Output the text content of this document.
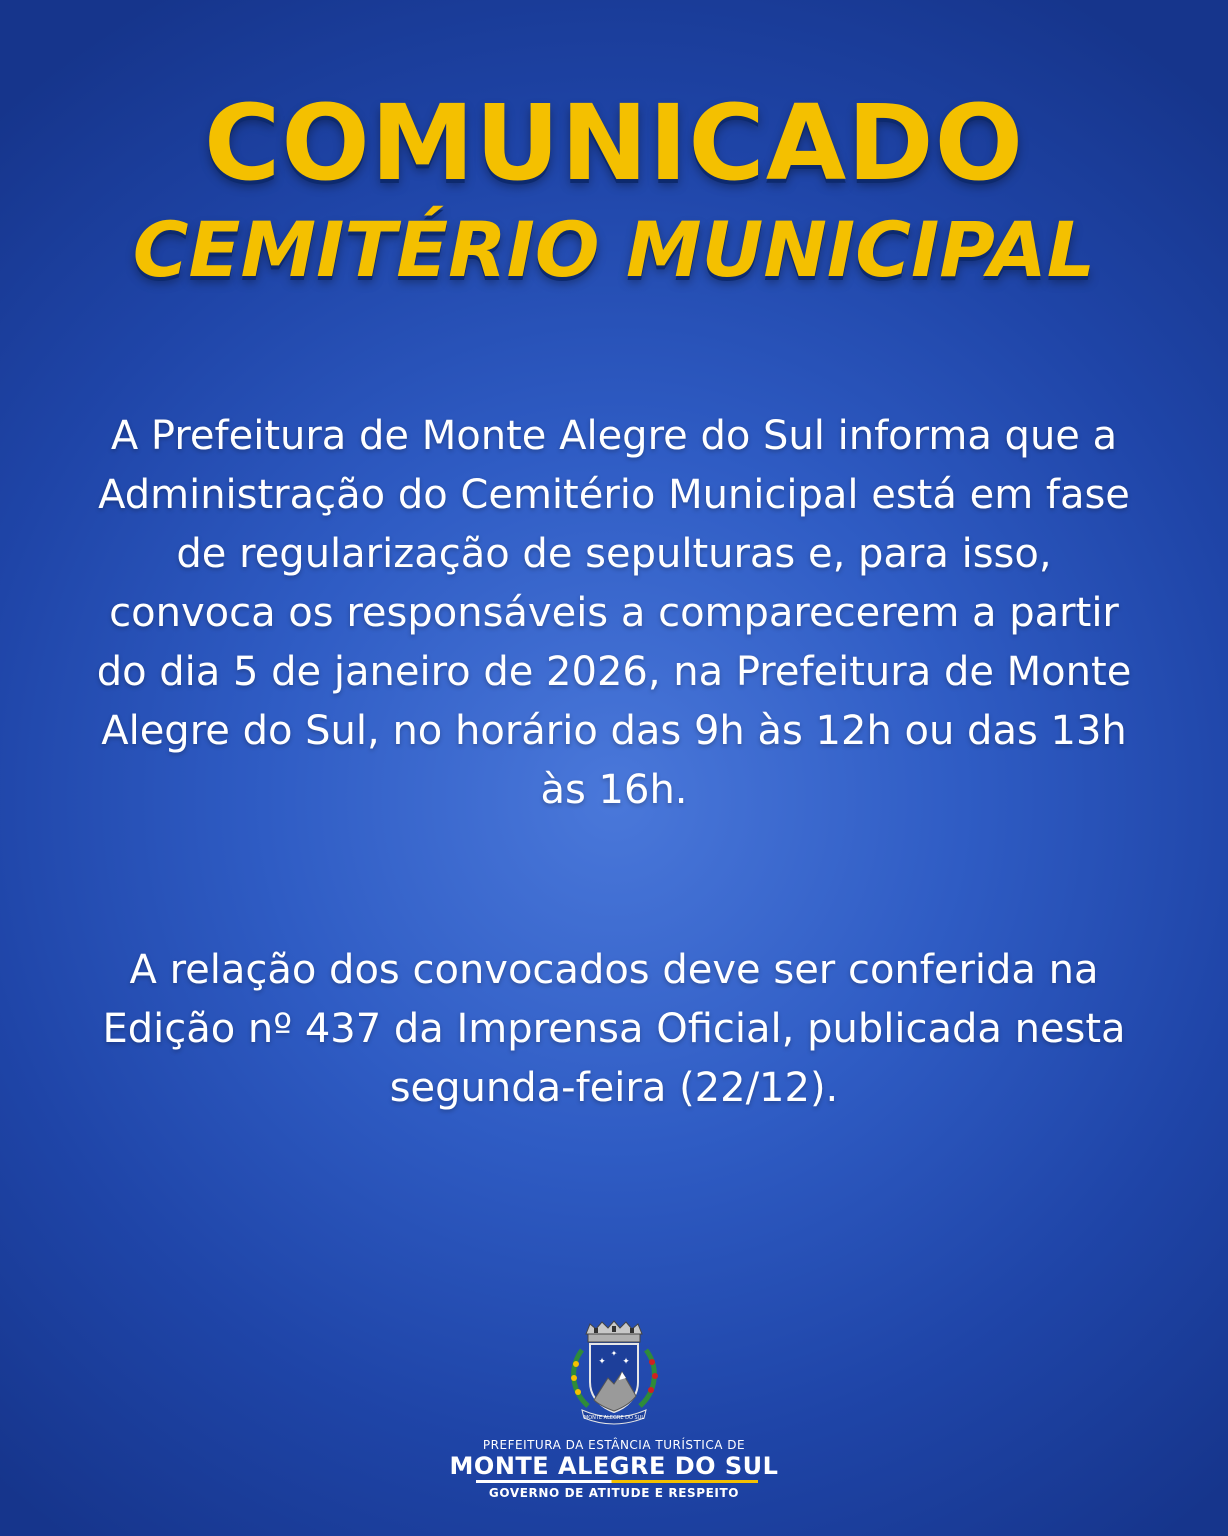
COMUNICADO
CEMITÉRIO MUNICIPAL

A Prefeitura de Monte Alegre do Sul informa que a Administração do Cemitério Municipal está em fase de regularização de sepulturas e, para isso, convoca os responsáveis a comparecerem a partir do dia 5 de janeiro de 2026, na Prefeitura de Monte Alegre do Sul, no horário das 9h às 12h ou das 13h às 16h.

A relação dos convocados deve ser conferida na Edição nº 437 da Imprensa Oficial, publicada nesta segunda-feira (22/12).

✦ ✦
✦
MONTE ALEGRE DO SUL
PREFEITURA DA ESTÂNCIA TURÍSTICA DE
MONTE ALEGRE DO SUL
GOVERNO DE ATITUDE E RESPEITO
